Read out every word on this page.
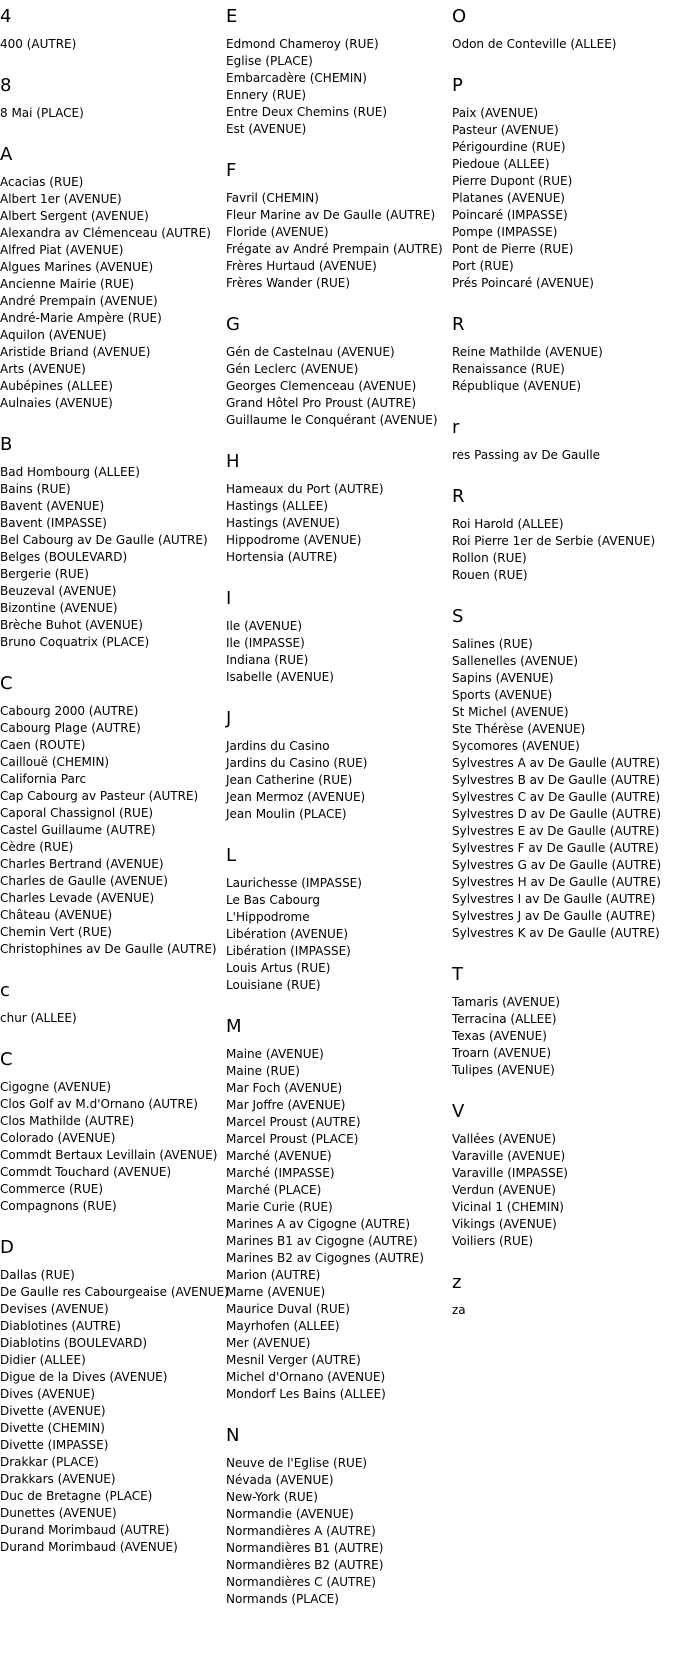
4
400 (AUTRE)
8
8 Mai (PLACE)
A
Acacias (RUE)
Albert 1er (AVENUE)
Albert Sergent (AVENUE)
Alexandra av Clémenceau (AUTRE)
Alfred Piat (AVENUE)
Algues Marines (AVENUE)
Ancienne Mairie (RUE)
André Prempain (AVENUE)
André-Marie Ampère (RUE)
Aquilon (AVENUE)
Aristide Briand (AVENUE)
Arts (AVENUE)
Aubépines (ALLEE)
Aulnaies (AVENUE)
B
Bad Hombourg (ALLEE)
Bains (RUE)
Bavent (AVENUE)
Bavent (IMPASSE)
Bel Cabourg av De Gaulle (AUTRE)
Belges (BOULEVARD)
Bergerie (RUE)
Beuzeval (AVENUE)
Bizontine (AVENUE)
Brèche Buhot (AVENUE)
Bruno Coquatrix (PLACE)
C
Cabourg 2000 (AUTRE)
Cabourg Plage (AUTRE)
Caen (ROUTE)
Caillouë (CHEMIN)
California Parc
Cap Cabourg av Pasteur (AUTRE)
Caporal Chassignol (RUE)
Castel Guillaume (AUTRE)
Cèdre (RUE)
Charles Bertrand (AVENUE)
Charles de Gaulle (AVENUE)
Charles Levade (AVENUE)
Château (AVENUE)
Chemin Vert (RUE)
Christophines av De Gaulle (AUTRE)
c
chur (ALLEE)
C
Cigogne (AVENUE)
Clos Golf av M.d'Ornano (AUTRE)
Clos Mathilde (AUTRE)
Colorado (AVENUE)
Commdt Bertaux Levillain (AVENUE)
Commdt Touchard (AVENUE)
Commerce (RUE)
Compagnons (RUE)
D
Dallas (RUE)
De Gaulle res Cabourgeaise (AVENUE)
Devises (AVENUE)
Diablotines (AUTRE)
Diablotins (BOULEVARD)
Didier (ALLEE)
Digue de la Dives (AVENUE)
Dives (AVENUE)
Divette (AVENUE)
Divette (CHEMIN)
Divette (IMPASSE)
Drakkar (PLACE)
Drakkars (AVENUE)
Duc de Bretagne (PLACE)
Dunettes (AVENUE)
Durand Morimbaud (AUTRE)
Durand Morimbaud (AVENUE)
E
Edmond Chameroy (RUE)
Eglise (PLACE)
Embarcadère (CHEMIN)
Ennery (RUE)
Entre Deux Chemins (RUE)
Est (AVENUE)
F
Favril (CHEMIN)
Fleur Marine av De Gaulle (AUTRE)
Floride (AVENUE)
Frégate av André Prempain (AUTRE)
Frères Hurtaud (AVENUE)
Frères Wander (RUE)
G
Gén de Castelnau (AVENUE)
Gén Leclerc (AVENUE)
Georges Clemenceau (AVENUE)
Grand Hôtel Pro Proust (AUTRE)
Guillaume le Conquérant (AVENUE)
H
Hameaux du Port (AUTRE)
Hastings (ALLEE)
Hastings (AVENUE)
Hippodrome (AVENUE)
Hortensia (AUTRE)
I
Ile (AVENUE)
Ile (IMPASSE)
Indiana (RUE)
Isabelle (AVENUE)
J
Jardins du Casino
Jardins du Casino (RUE)
Jean Catherine (RUE)
Jean Mermoz (AVENUE)
Jean Moulin (PLACE)
L
Laurichesse (IMPASSE)
Le Bas Cabourg
L'Hippodrome
Libération (AVENUE)
Libération (IMPASSE)
Louis Artus (RUE)
Louisiane (RUE)
M
Maine (AVENUE)
Maine (RUE)
Mar Foch (AVENUE)
Mar Joffre (AVENUE)
Marcel Proust (AUTRE)
Marcel Proust (PLACE)
Marché (AVENUE)
Marché (IMPASSE)
Marché (PLACE)
Marie Curie (RUE)
Marines A av Cigogne (AUTRE)
Marines B1 av Cigogne (AUTRE)
Marines B2 av Cigognes (AUTRE)
Marion (AUTRE)
Marne (AVENUE)
Maurice Duval (RUE)
Mayrhofen (ALLEE)
Mer (AVENUE)
Mesnil Verger (AUTRE)
Michel d'Ornano (AVENUE)
Mondorf Les Bains (ALLEE)
N
Neuve de l'Eglise (RUE)
Névada (AVENUE)
New-York (RUE)
Normandie (AVENUE)
Normandières A (AUTRE)
Normandières B1 (AUTRE)
Normandières B2 (AUTRE)
Normandières C (AUTRE)
Normands (PLACE)
O
Odon de Conteville (ALLEE)
P
Paix (AVENUE)
Pasteur (AVENUE)
Périgourdine (RUE)
Piedoue (ALLEE)
Pierre Dupont (RUE)
Platanes (AVENUE)
Poincaré (IMPASSE)
Pompe (IMPASSE)
Pont de Pierre (RUE)
Port (RUE)
Prés Poincaré (AVENUE)
R
Reine Mathilde (AVENUE)
Renaissance (RUE)
République (AVENUE)
r
res Passing av De Gaulle
R
Roi Harold (ALLEE)
Roi Pierre 1er de Serbie (AVENUE)
Rollon (RUE)
Rouen (RUE)
S
Salines (RUE)
Sallenelles (AVENUE)
Sapins (AVENUE)
Sports (AVENUE)
St Michel (AVENUE)
Ste Thérèse (AVENUE)
Sycomores (AVENUE)
Sylvestres A av De Gaulle (AUTRE)
Sylvestres B av De Gaulle (AUTRE)
Sylvestres C av De Gaulle (AUTRE)
Sylvestres D av De Gaulle (AUTRE)
Sylvestres E av De Gaulle (AUTRE)
Sylvestres F av De Gaulle (AUTRE)
Sylvestres G av De Gaulle (AUTRE)
Sylvestres H av De Gaulle (AUTRE)
Sylvestres I av De Gaulle (AUTRE)
Sylvestres J av De Gaulle (AUTRE)
Sylvestres K av De Gaulle (AUTRE)
T
Tamaris (AVENUE)
Terracina (ALLEE)
Texas (AVENUE)
Troarn (AVENUE)
Tulipes (AVENUE)
V
Vallées (AVENUE)
Varaville (AVENUE)
Varaville (IMPASSE)
Verdun (AVENUE)
Vicinal 1 (CHEMIN)
Vikings (AVENUE)
Voiliers (RUE)
z
za
